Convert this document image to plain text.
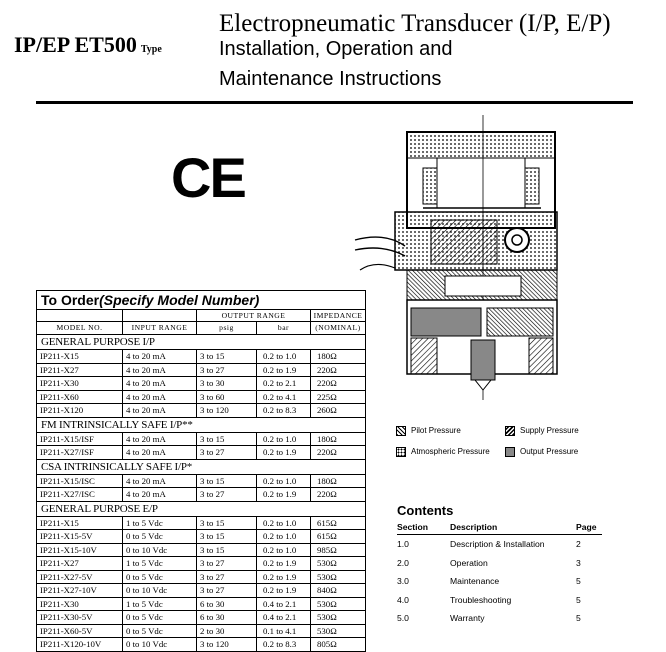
IP/EP ET500 Type
Electropneumatic Transducer (I/P, E/P)
Installation, Operation and
Maintenance Instructions
CE
Pilot Pressure	Supply Pressure
Atmospheric Pressure	Output Pressure
To Order(Specify Model Number)
OUTPUT RANGE	IMPEDANCE
MODEL NO.	INPUT RANGE	psig	bar	(NOMINAL)
GENERAL PURPOSE I/P
IP211-X15	4 to 20 mA	3 to 15	0.2 to 1.0	180Ω
IP211-X27	4 to 20 mA	3 to 27	0.2 to 1.9	220Ω
IP211-X30	4 to 20 mA	3 to 30	0.2 to 2.1	220Ω
IP211-X60	4 to 20 mA	3 to 60	0.2 to 4.1	225Ω
IP211-X120	4 to 20 mA	3 to 120	0.2 to 8.3	260Ω
FM INTRINSICALLY SAFE I/P**
IP211-X15/ISF	4 to 20 mA	3 to 15	0.2 to 1.0	180Ω
IP211-X27/ISF	4 to 20 mA	3 to 27	0.2 to 1.9	220Ω
CSA INTRINSICALLY SAFE I/P*
IP211-X15/ISC	4 to 20 mA	3 to 15	0.2 to 1.0	180Ω
IP211-X27/ISC	4 to 20 mA	3 to 27	0.2 to 1.9	220Ω
GENERAL PURPOSE E/P
IP211-X15	1 to 5 Vdc	3 to 15	0.2 to 1.0	615Ω
IP211-X15-5V	0 to 5 Vdc	3 to 15	0.2 to 1.0	615Ω
IP211-X15-10V	0 to 10 Vdc	3 to 15	0.2 to 1.0	985Ω
IP211-X27	1 to 5 Vdc	3 to 27	0.2 to 1.9	530Ω
IP211-X27-5V	0 to 5 Vdc	3 to 27	0.2 to 1.9	530Ω
IP211-X27-10V	0 to 10 Vdc	3 to 27	0.2 to 1.9	840Ω
IP211-X30	1 to 5 Vdc	6 to 30	0.4 to 2.1	530Ω
IP211-X30-5V	0 to 5 Vdc	6 to 30	0.4 to 2.1	530Ω
IP211-X60-5V	0 to 5 Vdc	2 to 30	0.1 to 4.1	530Ω
IP211-X120-10V	0 to 10 Vdc	3 to 120	0.2 to 8.3	805Ω
Contents
Section	Description	Page
1.0	Description & Installation	2
2.0	Operation	3
3.0	Maintenance	5
4.0	Troubleshooting	5
5.0	Warranty	5
